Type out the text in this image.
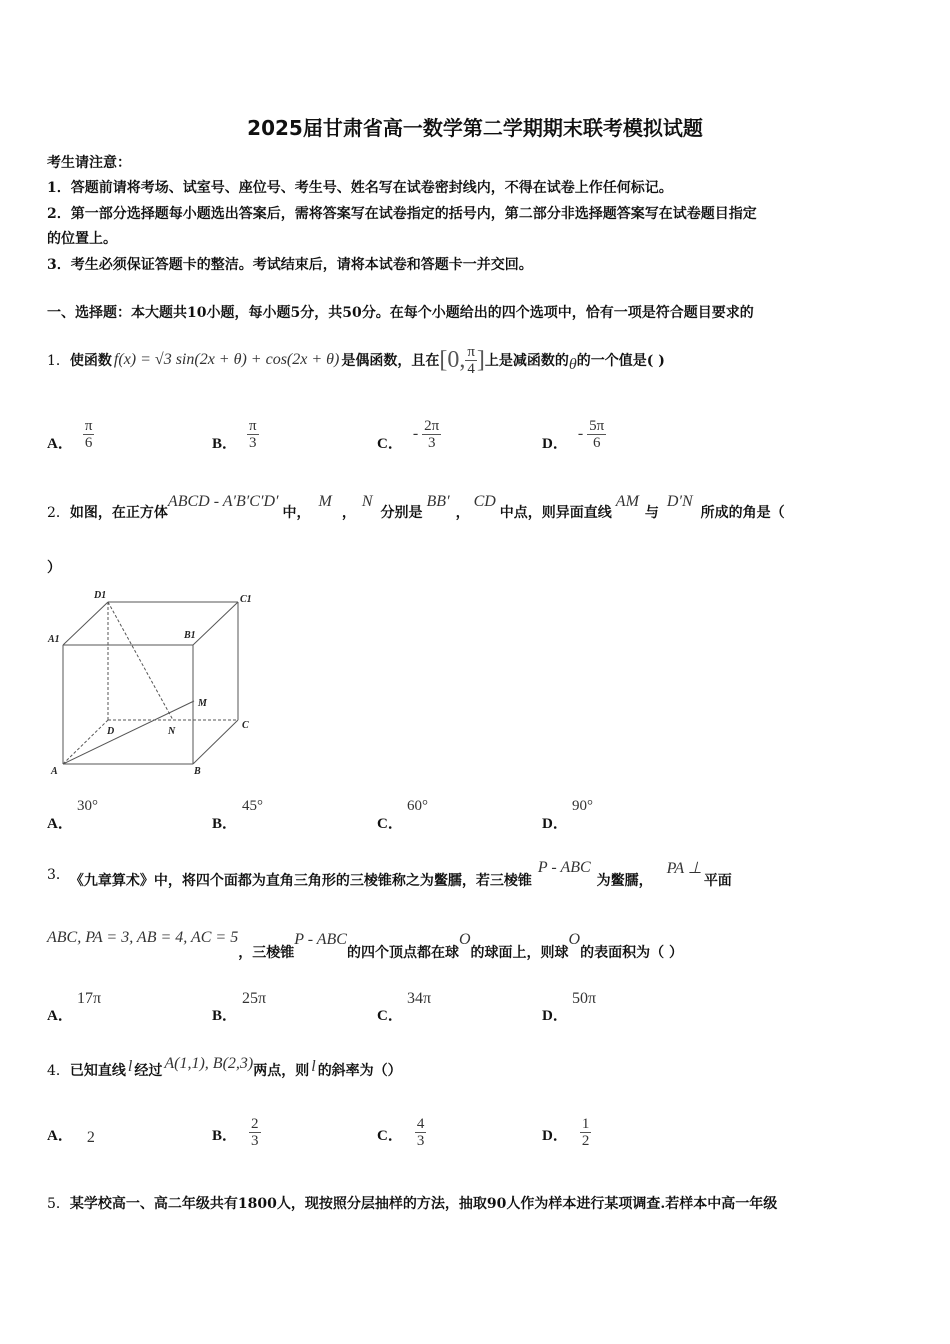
2025届甘肃省高一数学第二学期期末联考模拟试题
考生请注意：
1．答题前请将考场、试室号、座位号、考生号、姓名写在试卷密封线内，不得在试卷上作任何标记。
2．第一部分选择题每小题选出答案后，需将答案写在试卷指定的括号内，第二部分非选择题答案写在试卷题目指定
的位置上。
3．考生必须保证答题卡的整洁。考试结束后，请将本试卷和答题卡一并交回。
一、选择题：本大题共10小题，每小题5分，共50分。在每个小题给出的四个选项中，恰有一项是符合题目要求的
1． 使函数 f(x) = √3 sin(2x + θ) + cos(2x + θ) 是偶函数，且在 [0, $\frac{\pi}{4}$ ] 上是减函数的 θ 的一个值是( )
A． $\frac{\pi}{6}$	B． $\frac{\pi}{3}$	C．
- $\frac{2\pi}{3}$	D．
- $\frac{5\pi}{6}$
2． 如图，在正方体
ABCD - A′B′C′D′
中，
M
，
N
分别是
BB′
，
CD
中点，则异面直线
AM
与
D′N
所成的角是（
）
D1	C1
A1	B1
M
D	N
C
A	B
A．
30°
B．
45°
C．
60°
D．
90°
3． 《九章算术》中，将四个面都为直角三角形的三棱锥称之为鳖臑，若三棱锥
P - ABC
为鳖臑，
PA ⊥
平面
ABC, PA = 3, AB = 4, AC = 5
，三棱锥
P - ABC
的四个顶点都在球
O
的球面上，则球
O
的表面积为（ ）
A．
17π
B．
25π
C．
34π
D．
50π
4． 已知直线 l 经过 A(1,1), B(2,3) 两点，则 l 的斜率为（）
A． 2	B． $\frac{2}{3}$	C． $\frac{4}{3}$	D． $\frac{1}{2}$
5． 某学校高一、高二年级共有1800人，现按照分层抽样的方法，抽取90人作为样本进行某项调查.若样本中高一年级
